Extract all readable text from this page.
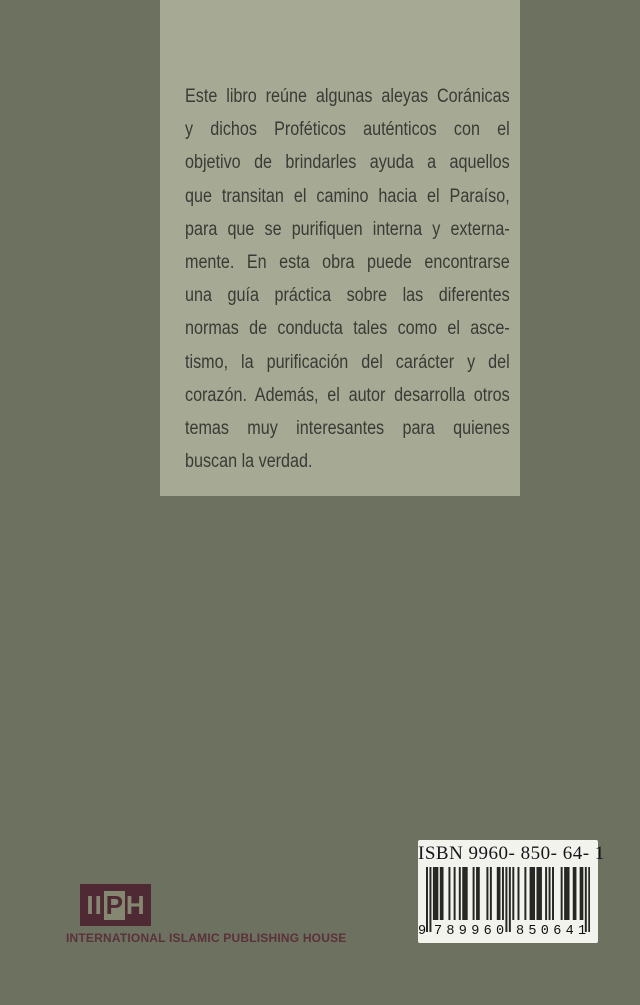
Este libro reúne algunas aleyas Coránicas
y dichos Proféticos auténticos con el
objetivo de brindarles ayuda a aquellos
que transitan el camino hacia el Paraíso,
para que se purifiquen interna y externa-
mente. En esta obra puede encontrarse
una guía práctica sobre las diferentes
normas de conducta tales como el asce-
tismo, la purificación del carácter y del
corazón. Además, el autor desarrolla otros
temas muy interesantes para quienes
buscan la verdad.
II P H
INTERNATIONAL ISLAMIC PUBLISHING HOUSE
ISBN 9960- 850- 64- 1
9 789960 850641
